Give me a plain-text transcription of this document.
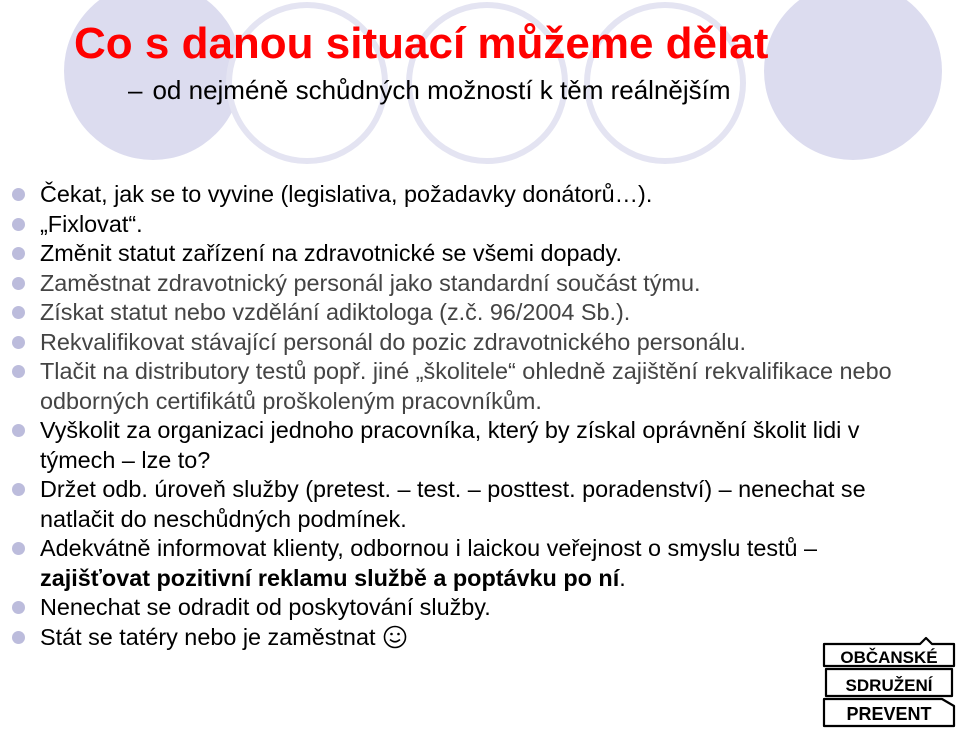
Co s danou situací můžeme dělat
– od nejméně schůdných možností k těm reálnějším
Čekat, jak se to vyvine (legislativa, požadavky donátorů…).
„Fixlovat“.
Změnit statut zařízení na zdravotnické se všemi dopady.
Zaměstnat zdravotnický personál jako standardní součást týmu.
Získat statut nebo vzdělání adiktologa (z.č. 96/2004 Sb.).
Rekvalifikovat stávající personál do pozic zdravotnického personálu.
Tlačit na distributory testů popř. jiné „školitele“ ohledně zajištění rekvalifikace nebo odborných certifikátů proškoleným pracovníkům.
Vyškolit za organizaci jednoho pracovníka, který by získal oprávnění školit lidi v týmech – lze to?
Držet odb. úroveň služby (pretest. – test. – posttest. poradenství) – nenechat se natlačit do neschůdných podmínek.
Adekvátně informovat klienty, odbornou i laickou veřejnost o smyslu testů – zajišťovat pozitivní reklamu službě a poptávku po ní.
Nenechat se odradit od poskytování služby.
Stát se tatéry nebo je zaměstnat
OBČANSKÉ
SDRUŽENÍ
PREVENT
